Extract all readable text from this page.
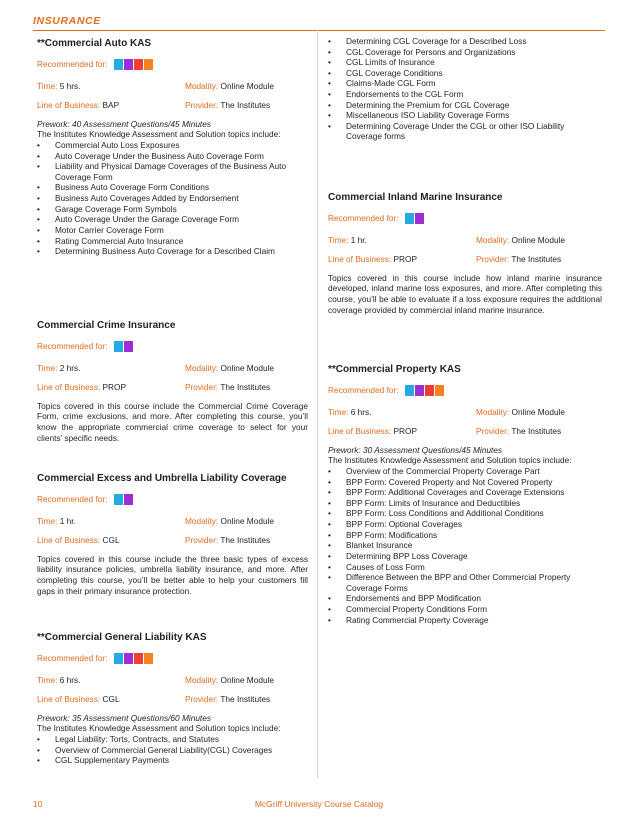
INSURANCE
**Commercial Auto KAS
Recommended for:
Time: 5 hrs.	Modality: Online Module
Line of Business: BAP	Provider: The Institutes
Prework: 40 Assessment Questions/45 Minutes
The Institutes Knowledge Assessment and Solution topics include:
• Commercial Auto Loss Exposures
• Auto Coverage Under the Business Auto Coverage Form
• Liability and Physical Damage Coverages of the Business Auto Coverage Form
• Business Auto Coverage Form Conditions
• Business Auto Coverages Added by Endorsement
• Garage Coverage Form Symbols
• Auto Coverage Under the Garage Coverage Form
• Motor Carrier Coverage Form
• Rating Commercial Auto Insurance
• Determining Business Auto Coverage for a Described Claim
Commercial Crime Insurance
Recommended for:
Time: 2 hrs.	Modality: Online Module
Line of Business: PROP	Provider: The Institutes
Topics covered in this course include the Commercial Crime Coverage Form, crime exclusions, and more. After completing this course, you’ll know the appropriate commercial crime coverage to select for your clients’ specific needs.
Commercial Excess and Umbrella Liability Coverage
Recommended for:
Time: 1 hr.	Modality: Online Module
Line of Business: CGL	Provider: The Institutes
Topics covered in this course include the three basic types of excess liability insurance policies, umbrella liability insurance, and more. After completing this course, you’ll be better able to help your customers fill gaps in their primary insurance protection.
**Commercial General Liability KAS
Recommended for:
Time: 6 hrs.	Modality: Online Module
Line of Business: CGL	Provider: The Institutes
Prework: 35 Assessment Questions/60 Minutes
The Institutes Knowledge Assessment and Solution topics include:
• Legal Liability: Torts, Contracts, and Statutes
• Overview of Commercial General Liability(CGL) Coverages
• CGL Supplementary Payments
• Determining CGL Coverage for a Described Loss
• CGL Coverage for Persons and Organizations
• CGL Limits of Insurance
• CGL Coverage Conditions
• Claims-Made CGL Form
• Endorsements to the CGL Form
• Determining the Premium for CGL Coverage
• Miscellaneous ISO Liability Coverage Forms
• Determining Coverage Under the CGL or other ISO Liability Coverage forms
Commercial Inland Marine Insurance
Recommended for:
Time: 1 hr.	Modality: Online Module
Line of Business: PROP	Provider: The Institutes
Topics covered in this course include how inland marine insurance developed, inland marine loss exposures, and more. After completing this course, you’ll be able to evaluate if a loss exposure requires the additional coverage provided by commercial inland marine insurance.
**Commercial Property KAS
Recommended for:
Time: 6 hrs.	Modality: Online Module
Line of Business: PROP	Provider: The Institutes
Prework: 30 Assessment Questions/45 Minutes
The Institutes Knowledge Assessment and Solution topics include:
• Overview of the Commercial Property Coverage Part
• BPP Form: Covered Property and Not Covered Property
• BPP Form: Additional Coverages and Coverage Extensions
• BPP Form: Limits of Insurance and Deductibles
• BPP Form: Loss Conditions and Additional Conditions
• BPP Form: Optional Coverages
• BPP Form: Modifications
• Blanket Insurance
• Determining BPP Loss Coverage
• Causes of Loss Form
• Difference Between the BPP and Other Commercial Property Coverage Forms
• Endorsements and BPP Modification
• Commercial Property Conditions Form
• Rating Commercial Property Coverage
10	McGriff University Course Catalog
